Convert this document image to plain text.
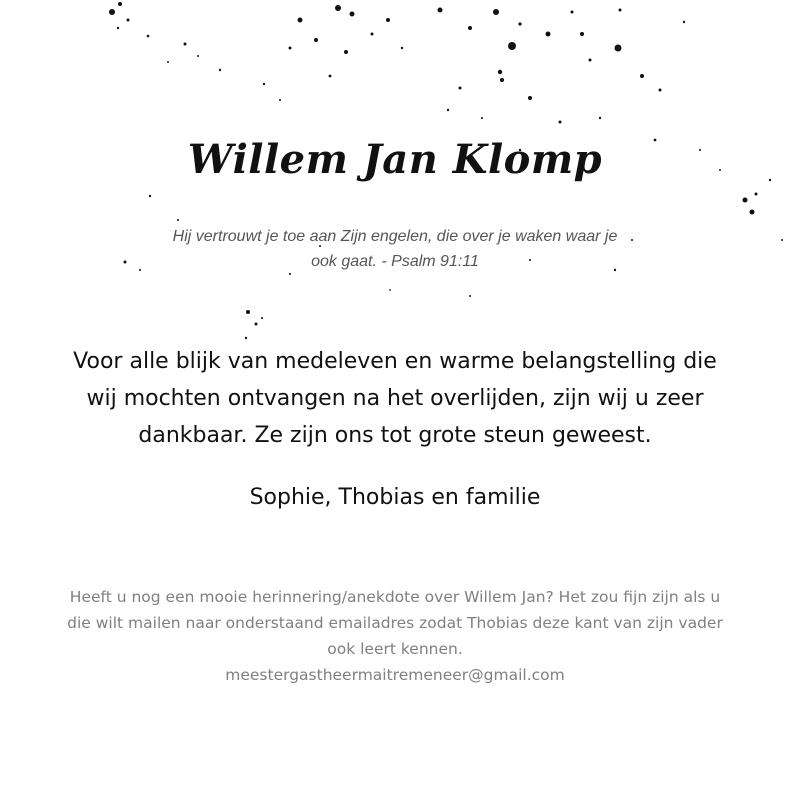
Willem Jan Klomp
Hij vertrouwt je toe aan Zijn engelen, die over je waken waar je ook gaat. - Psalm 91:11
Voor alle blijk van medeleven en warme belangstelling die wij mochten ontvangen na het overlijden, zijn wij u zeer dankbaar. Ze zijn ons tot grote steun geweest.
Sophie, Thobias en familie
Heeft u nog een mooie herinnering/anekdote over Willem Jan? Het zou fijn zijn als u die wilt mailen naar onderstaand emailadres zodat Thobias deze kant van zijn vader ook leert kennen.
meestergastheermaitremeneer@gmail.com
